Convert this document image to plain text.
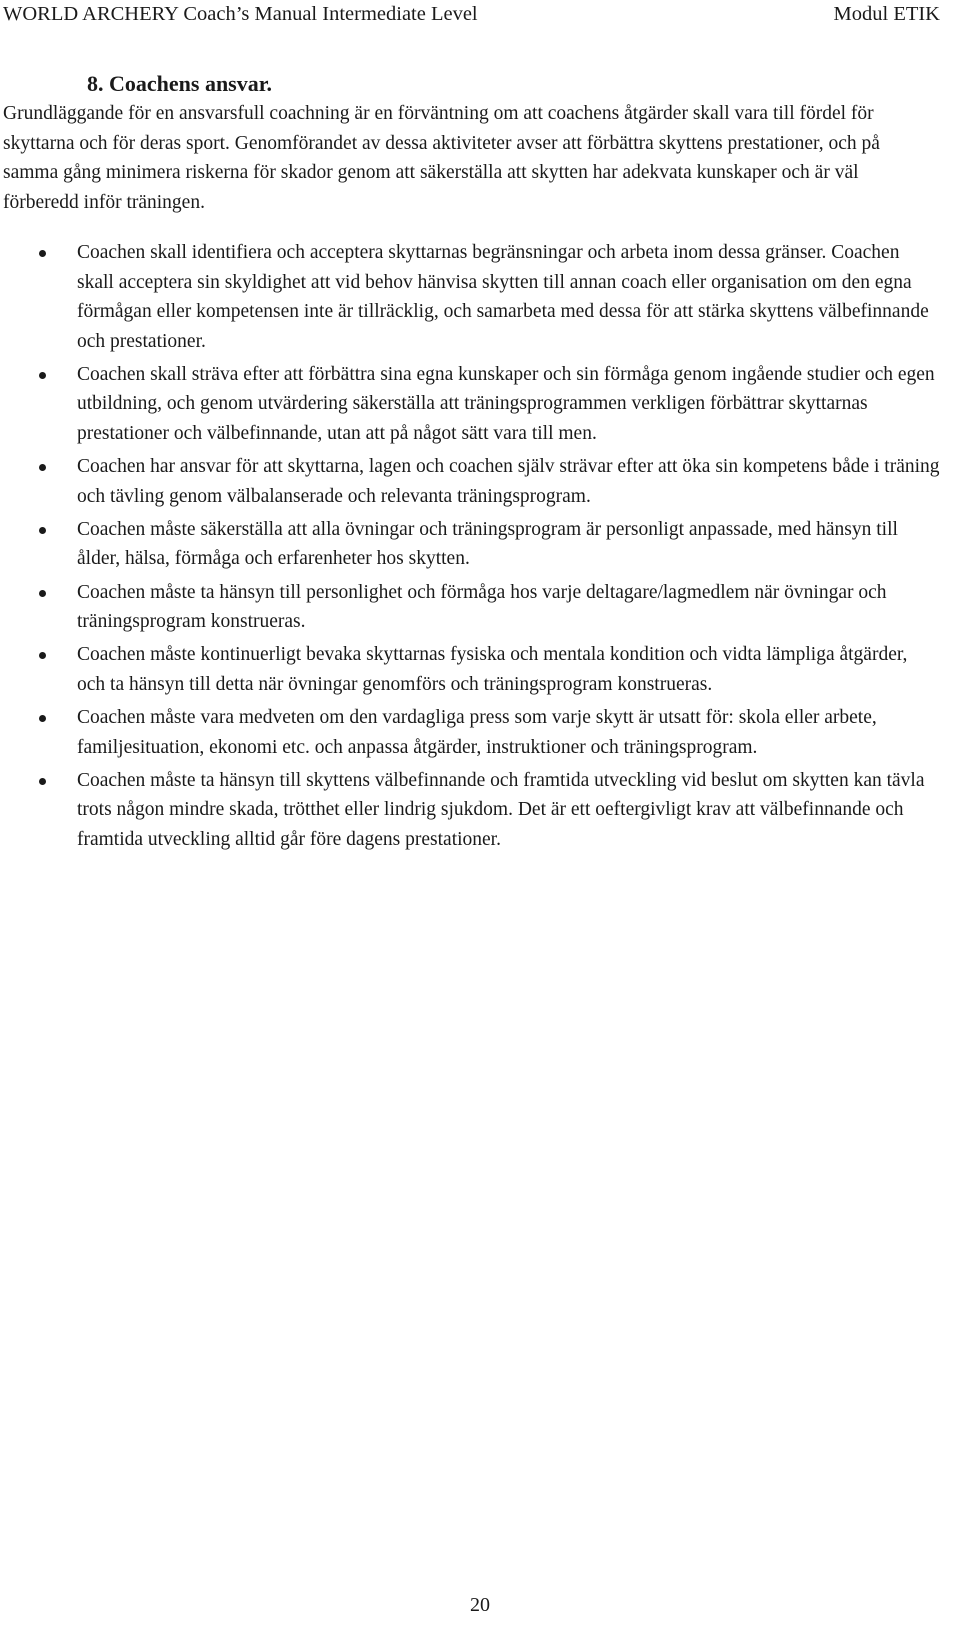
WORLD ARCHERY Coach’s Manual Intermediate Level	Modul ETIK
8. Coachens ansvar.

Grundläggande för en ansvarsfull coachning är en förväntning om att coachens åtgärder skall vara till fördel för skyttarna och för deras sport. Genomförandet av dessa aktiviteter avser att förbättra skyttens prestationer, och på samma gång minimera riskerna för skador genom att säkerställa att skytten har adekvata kunskaper och är väl förberedd inför träningen.

Coachen skall identifiera och acceptera skyttarnas begränsningar och arbeta inom dessa gränser. Coachen skall acceptera sin skyldighet att vid behov hänvisa skytten till annan coach eller organisation om den egna förmågan eller kompetensen inte är tillräcklig, och samarbeta med dessa för att stärka skyttens välbefinnande och prestationer.
Coachen skall sträva efter att förbättra sina egna kunskaper och sin förmåga genom ingående studier och egen utbildning, och genom utvärdering säkerställa att träningsprogrammen verkligen förbättrar skyttarnas prestationer och välbefinnande, utan att på något sätt vara till men.
Coachen har ansvar för att skyttarna, lagen och coachen själv strävar efter att öka sin kompetens både i träning och tävling genom välbalanserade och relevanta träningsprogram.
Coachen måste säkerställa att alla övningar och träningsprogram är personligt anpassade, med hänsyn till ålder, hälsa, förmåga och erfarenheter hos skytten.
Coachen måste ta hänsyn till personlighet och förmåga hos varje deltagare/lagmedlem när övningar och träningsprogram konstrueras.
Coachen måste kontinuerligt bevaka skyttarnas fysiska och mentala kondition och vidta lämpliga åtgärder, och ta hänsyn till detta när övningar genomförs och träningsprogram konstrueras.
Coachen måste vara medveten om den vardagliga press som varje skytt är utsatt för: skola eller arbete, familjesituation, ekonomi etc. och anpassa åtgärder, instruktioner och träningsprogram.
Coachen måste ta hänsyn till skyttens välbefinnande och framtida utveckling vid beslut om skytten kan tävla trots någon mindre skada, trötthet eller lindrig sjukdom. Det är ett oeftergivligt krav att välbefinnande och framtida utveckling alltid går före dagens prestationer.
20
